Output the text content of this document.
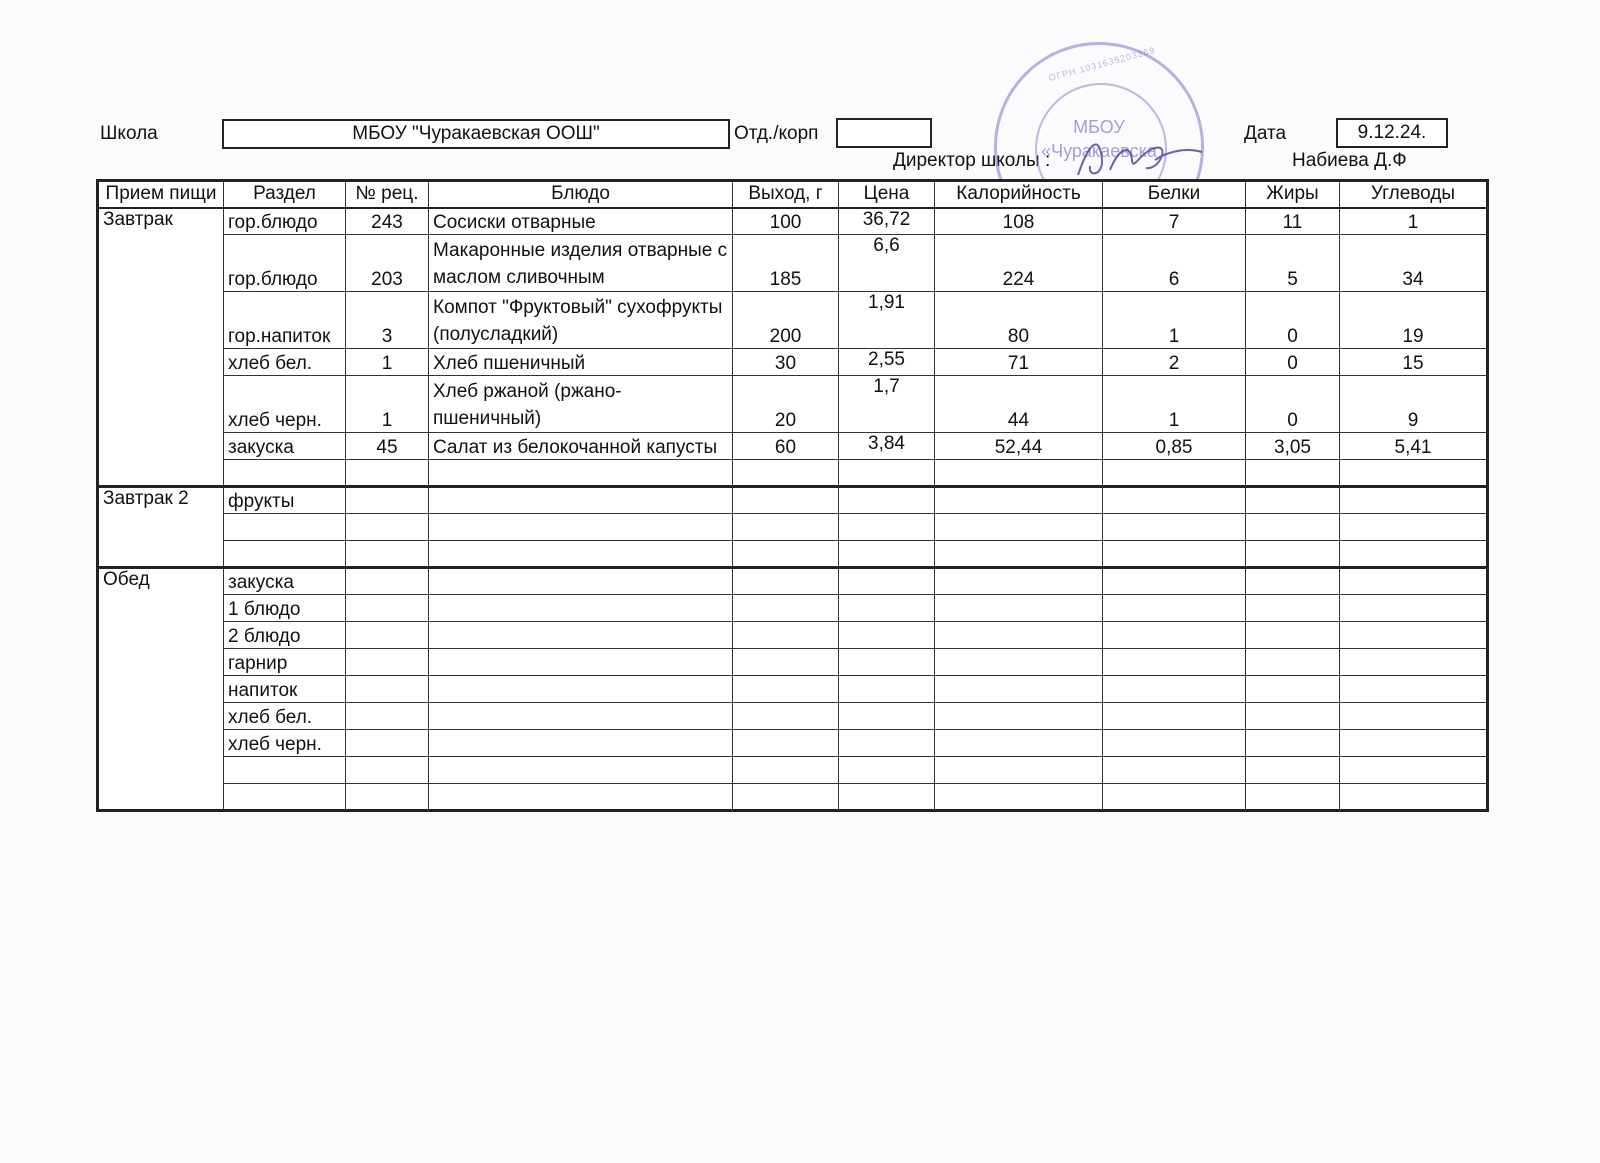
Школа	МБОУ "Чуракаевская ООШ"	Отд./корп	Дата	9.12.24.
Директор школы :	Набиева Д.Ф
ОГРН 1031635203269
МБОУ
«Чуракаевска
Прием пищи	Раздел	№ рец.	Блюдо	Выход, г	Цена	Калорийность	Белки	Жиры	Углеводы
Завтрак	гор.блюдо	243	Сосиски отварные	100	36,72	108	7	11	1
	гор.блюдо	203	Макаронные изделия отварные с маслом сливочным	185	6,6	224	6	5	34
	гор.напиток	3	Компот "Фруктовый" сухофрукты (полусладкий)	200	1,91	80	1	0	19
	хлеб бел.	1	Хлеб пшеничный	30	2,55	71	2	0	15
	хлеб черн.	1	Хлеб ржаной (ржано-пшеничный)	20	1,7	44	1	0	9
	закуска	45	Салат из белокочанной капусты	60	3,84	52,44	0,85	3,05	5,41

Завтрак 2	фрукты								

Обед	закуска								
	1 блюдо								
	2 блюдо								
	гарнир								
	напиток								
	хлеб бел.								
	хлеб черн.								
